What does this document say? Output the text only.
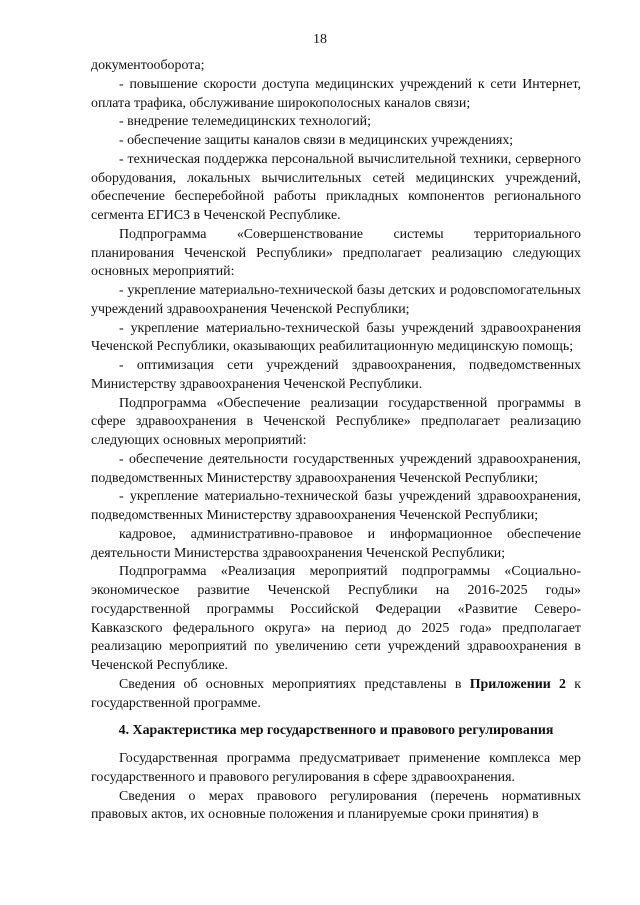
18
документооборота;
- повышение скорости доступа медицинских учреждений к сети Интернет, оплата трафика, обслуживание широкополосных каналов связи;
- внедрение телемедицинских технологий;
- обеспечение защиты каналов связи в медицинских учреждениях;
- техническая поддержка персональной вычислительной техники, серверного оборудования, локальных вычислительных сетей медицинских учреждений, обеспечение бесперебойной работы прикладных компонентов регионального сегмента ЕГИСЗ в Чеченской Республике.
Подпрограмма «Совершенствование системы территориального планирования Чеченской Республики» предполагает реализацию следующих основных мероприятий:
- укрепление материально-технической базы детских и родовспомогательных учреждений здравоохранения Чеченской Республики;
- укрепление материально-технической базы учреждений здравоохранения Чеченской Республики, оказывающих реабилитационную медицинскую помощь;
- оптимизация сети учреждений здравоохранения, подведомственных Министерству здравоохранения Чеченской Республики.
Подпрограмма «Обеспечение реализации государственной программы в сфере здравоохранения в Чеченской Республике» предполагает реализацию следующих основных мероприятий:
- обеспечение деятельности государственных учреждений здравоохранения, подведомственных Министерству здравоохранения Чеченской Республики;
- укрепление материально-технической базы учреждений здравоохранения, подведомственных Министерству здравоохранения Чеченской Республики;
кадровое, административно-правовое и информационное обеспечение деятельности Министерства здравоохранения Чеченской Республики;
Подпрограмма «Реализация мероприятий подпрограммы «Социально-экономическое развитие Чеченской Республики на 2016-2025 годы» государственной программы Российской Федерации «Развитие Северо-Кавказского федерального округа» на период до 2025 года» предполагает реализацию мероприятий по увеличению сети учреждений здравоохранения в Чеченской Республике.
Сведения об основных мероприятиях представлены в Приложении 2 к государственной программе.
4. Характеристика мер государственного и правового регулирования
Государственная программа предусматривает применение комплекса мер государственного и правового регулирования в сфере здравоохранения.
Сведения о мерах правового регулирования (перечень нормативных правовых актов, их основные положения и планируемые сроки принятия) в
